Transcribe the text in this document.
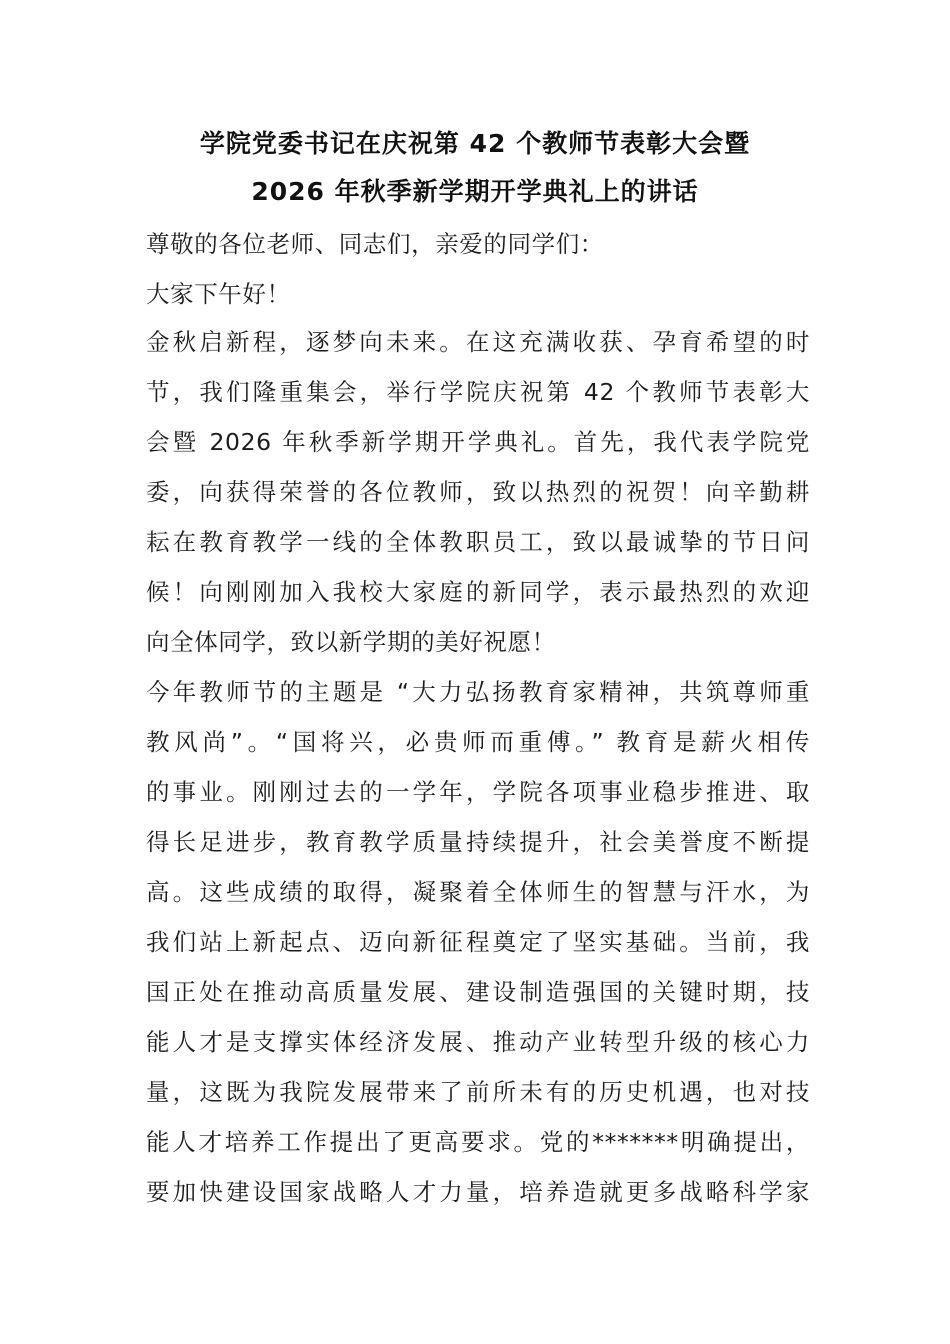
学院党委书记在庆祝第 42 个教师节表彰大会暨
2026 年秋季新学期开学典礼上的讲话
尊敬的各位老师、同志们，亲爱的同学们：
大家下午好！
金秋启新程，逐梦向未来。在这充满收获、孕育希望的时
节，我们隆重集会，举行学院庆祝第 42 个教师节表彰大
会暨 2026 年秋季新学期开学典礼。首先，我代表学院党
委，向获得荣誉的各位教师，致以热烈的祝贺！向辛勤耕
耘在教育教学一线的全体教职员工，致以最诚挚的节日问
候！向刚刚加入我校大家庭的新同学，表示最热烈的欢迎
向全体同学，致以新学期的美好祝愿！
今年教师节的主题是 “大力弘扬教育家精神，共筑尊师重
教风尚”。“国将兴，必贵师而重傅。” 教育是薪火相传
的事业。刚刚过去的一学年，学院各项事业稳步推进、取
得长足进步，教育教学质量持续提升，社会美誉度不断提
高。这些成绩的取得，凝聚着全体师生的智慧与汗水，为
我们站上新起点、迈向新征程奠定了坚实基础。当前，我
国正处在推动高质量发展、建设制造强国的关键时期，技
能人才是支撑实体经济发展、推动产业转型升级的核心力
量，这既为我院发展带来了前所未有的历史机遇，也对技
能人才培养工作提出了更高要求。党的*******明确提出，
要加快建设国家战略人才力量，培养造就更多战略科学家
